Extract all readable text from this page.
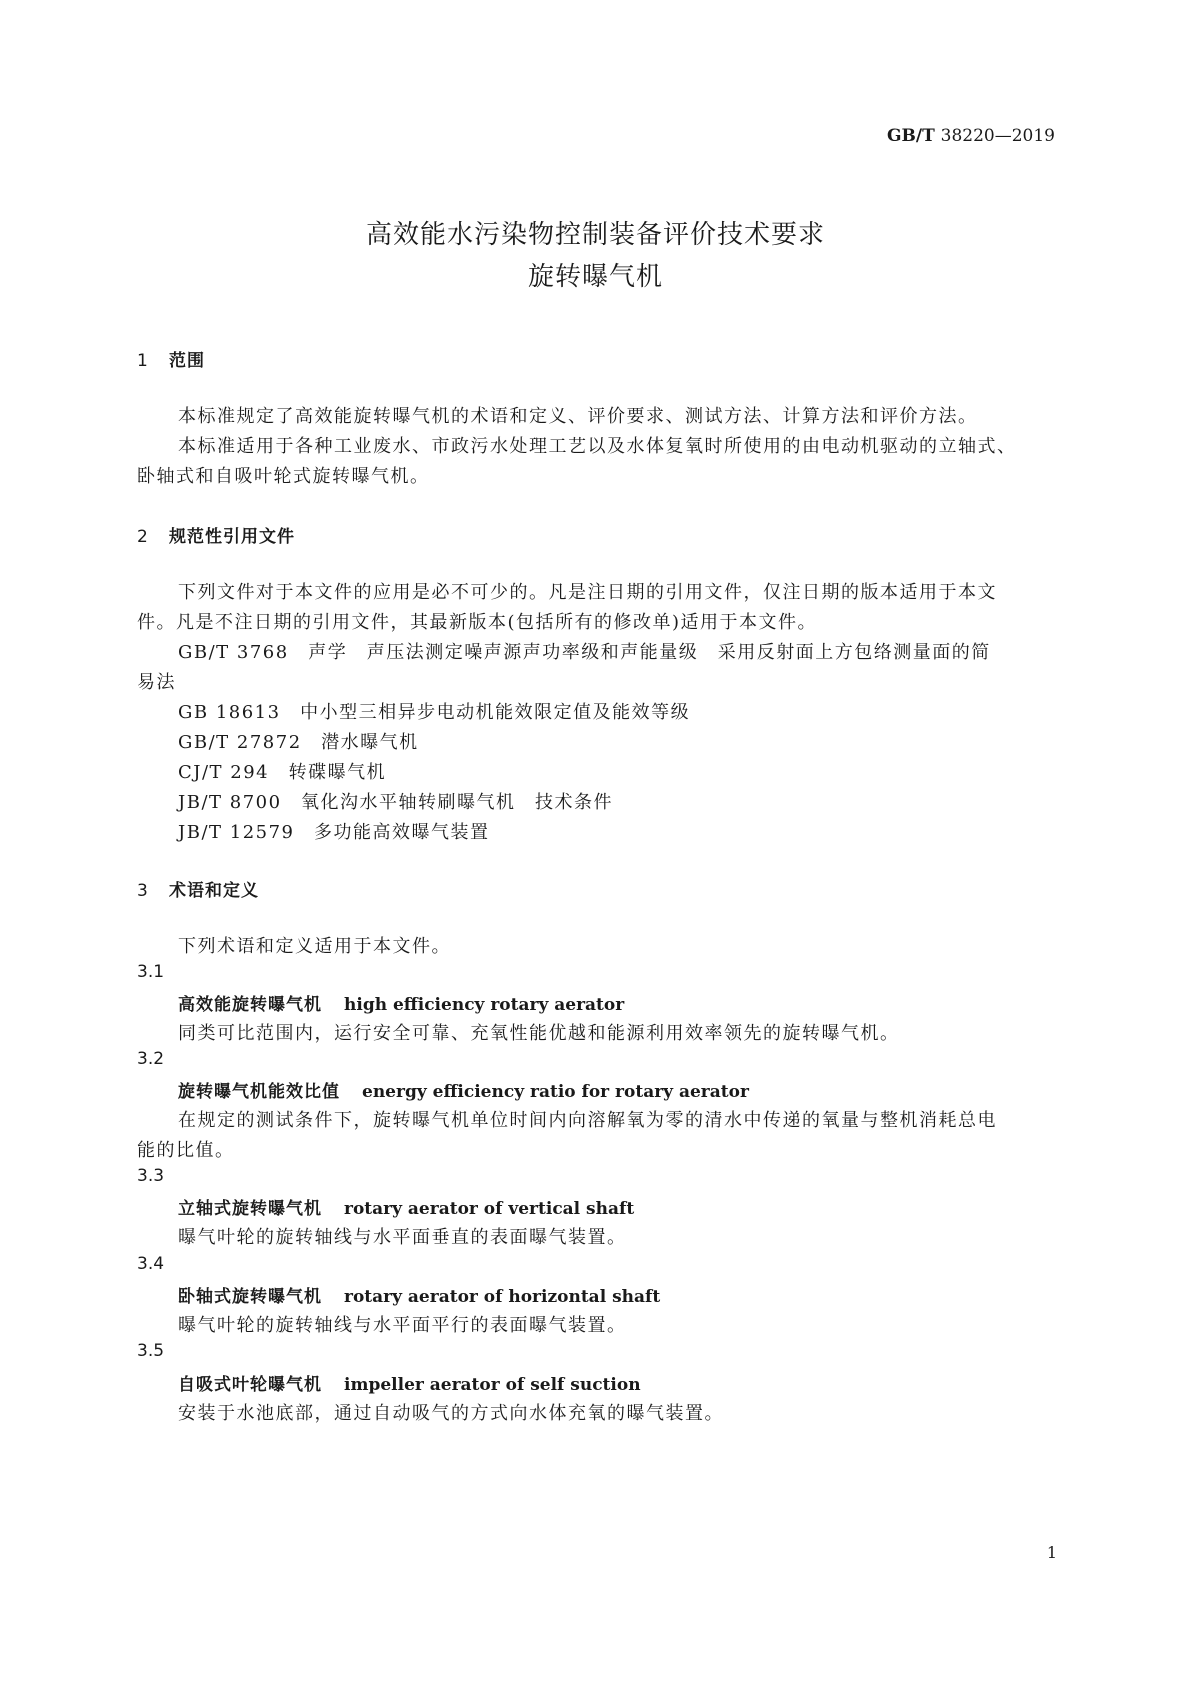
GB/T 38220—2019
高效能水污染物控制装备评价技术要求
旋转曝气机
1 范围
本标准规定了高效能旋转曝气机的术语和定义、评价要求、测试方法、计算方法和评价方法。
本标准适用于各种工业废水、市政污水处理工艺以及水体复氧时所使用的由电动机驱动的立轴式、
卧轴式和自吸叶轮式旋转曝气机。
2 规范性引用文件
下列文件对于本文件的应用是必不可少的。凡是注日期的引用文件，仅注日期的版本适用于本文
件。凡是不注日期的引用文件，其最新版本(包括所有的修改单)适用于本文件。
GB/T 3768　 声学　声压法测定噪声源声功率级和声能量级　采用反射面上方包络测量面的简
易法
GB 18613　 中小型三相异步电动机能效限定值及能效等级
GB/T 27872　 潜水曝气机
CJ/T 294　 转碟曝气机
JB/T 8700　 氧化沟水平轴转刷曝气机　技术条件
JB/T 12579　 多功能高效曝气装置
3 术语和定义
下列术语和定义适用于本文件。
3.1
高效能旋转曝气机 high efficiency rotary aerator
同类可比范围内，运行安全可靠、充氧性能优越和能源利用效率领先的旋转曝气机。
3.2
旋转曝气机能效比值 energy efficiency ratio for rotary aerator
在规定的测试条件下，旋转曝气机单位时间内向溶解氧为零的清水中传递的氧量与整机消耗总电
能的比值。
3.3
立轴式旋转曝气机 rotary aerator of vertical shaft
曝气叶轮的旋转轴线与水平面垂直的表面曝气装置。
3.4
卧轴式旋转曝气机 rotary aerator of horizontal shaft
曝气叶轮的旋转轴线与水平面平行的表面曝气装置。
3.5
自吸式叶轮曝气机 impeller aerator of self suction
安装于水池底部，通过自动吸气的方式向水体充氧的曝气装置。
1
